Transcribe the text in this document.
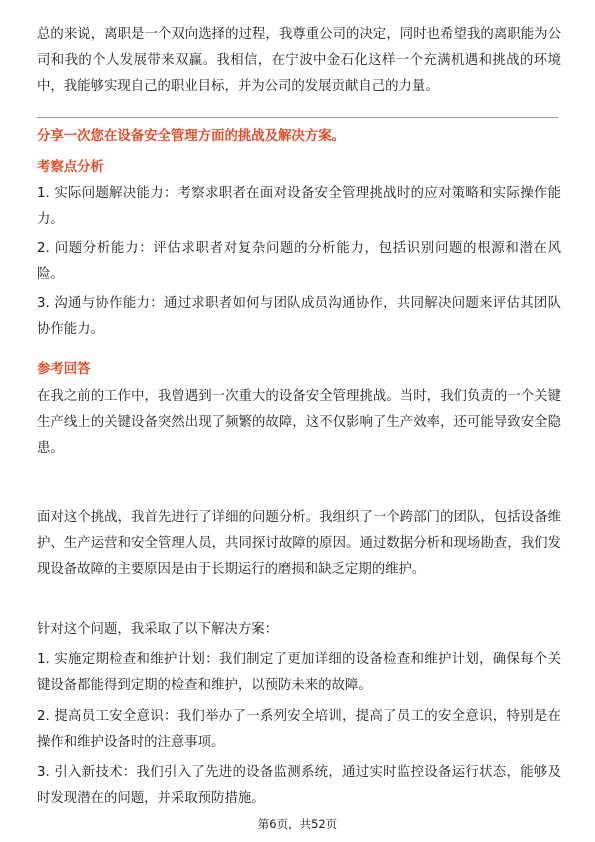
总的来说，离职是一个双向选择的过程，我尊重公司的决定，同时也希望我的离职能为公司和我的个人发展带来双赢。我相信，在宁波中金石化这样一个充满机遇和挑战的环境中，我能够实现自己的职业目标，并为公司的发展贡献自己的力量。

分享一次您在设备安全管理方面的挑战及解决方案。

考察点分析

1. 实际问题解决能力：考察求职者在面对设备安全管理挑战时的应对策略和实际操作能力。

2. 问题分析能力：评估求职者对复杂问题的分析能力，包括识别问题的根源和潜在风险。

3. 沟通与协作能力：通过求职者如何与团队成员沟通协作，共同解决问题来评估其团队协作能力。

参考回答

在我之前的工作中，我曾遇到一次重大的设备安全管理挑战。当时，我们负责的一个关键生产线上的关键设备突然出现了频繁的故障，这不仅影响了生产效率，还可能导致安全隐患。

面对这个挑战，我首先进行了详细的问题分析。我组织了一个跨部门的团队，包括设备维护、生产运营和安全管理人员，共同探讨故障的原因。通过数据分析和现场勘查，我们发现设备故障的主要原因是由于长期运行的磨损和缺乏定期的维护。

针对这个问题，我采取了以下解决方案：

1. 实施定期检查和维护计划：我们制定了更加详细的设备检查和维护计划，确保每个关键设备都能得到定期的检查和维护，以预防未来的故障。

2. 提高员工安全意识：我们举办了一系列安全培训，提高了员工的安全意识，特别是在操作和维护设备时的注意事项。

3. 引入新技术：我们引入了先进的设备监测系统，通过实时监控设备运行状态，能够及时发现潜在的问题，并采取预防措施。

第6页，共52页
